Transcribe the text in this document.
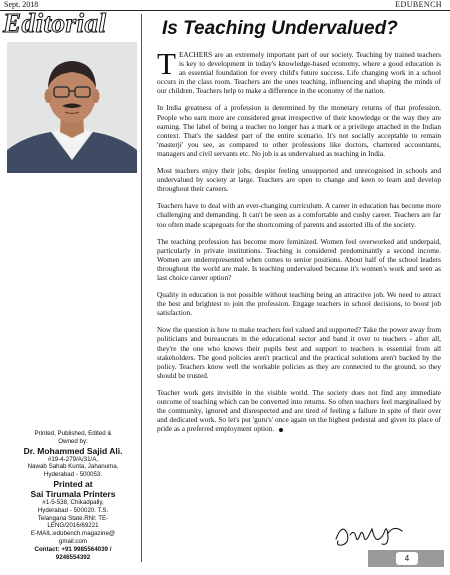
Sept. 2018	EDUBENCH
Editorial	Is Teaching Undervalued?

TEACHERS are an extremely important part of our society. Teaching by trained teachers is key to development in today's knowledge-based economy, where a good education is an essential foundation for every child's future success. Life changing work in a school occurs in the class room. Teachers are the ones teaching, influencing and shaping the minds of our children. Teachers help to make a difference in the economy of the nation.

In India greatness of a profession is determined by the monetary returns of that profession. People who earn more are considered great irrespective of their knowledge or the way they are earning. The label of being a teacher no longer has a mark or a privilege attached in the Indian context. That's the saddest part of the entire scenario. It's not socially acceptable to remain 'masterji' you see, as compared to other professions like doctors, chartered accountants, managers and civil servants etc. No job is as undervalued as teaching in India.

Most teachers enjoy their jobs, despite feeling unsupported and unrecognised in schools and undervalued by society at large. Teachers are open to change and keen to learn and develop throughout their careers.

Teachers have to deal with an ever-changing curriculum. A career in education has become more challenging and demanding. It can't be seen as a comfortable and cushy career. Teachers are far too often made scapegoats for the shortcoming of parents and assorted ills of the society.

The teaching profession has become more feminized. Women feel overworked and underpaid, particularly in private institutions. Teaching is considered predominantly a second income. Women are underrepresented when comes to senior positions. About half of the school leaders throughout the world are male. Is teaching undervalued because it's women's work and seen as last choice career option?

Quality in education is not possible without teaching being an attractive job. We need to attract the best and brightest to join the profession. Engage teachers in school decisions, to boost job satisfaction.

Now the question is how to make teachers feel valued and supported? Take the power away from politicians and bureaucrats in the educational sector and band it over to teachers - after all, they're the one who knows their pupils best and support to teachers is essential from all stakeholders. The good policies aren't practical and the practical solutions aren't backed by the policy. Teachers know well the workable policies as they are connected to the ground, so they should be trusted.

Teacher work gets invisible in the visible world. The society does not find any immediate outcome of teaching which can be converted into returns. So often teachers feel marginalised by the community, ignored and disrespected and are tired of feeling a failure in spite of their over and dedicated work. So let's put 'guru's' once again on the highest pedestal and given its place of pride as a preferred employment option.

Printed, Published, Edited &
Owned by:
Dr. Mohammed Sajid Ali.
#19-4-279/A/31/A,
Nawab Sahab Kunta, Jahanuma,
Hyderabad - 500053.
Printed at
Sai Tirumala Printers
#1-5-538, Chikadpally,
Hyderabad - 500020. T.S.
Telangana State.RNI: TE-
LENG/2016/69221
E-MAIL:edubench.magazine@
gmail.com
Contact: +91 9985564039 /
9246554392	4
